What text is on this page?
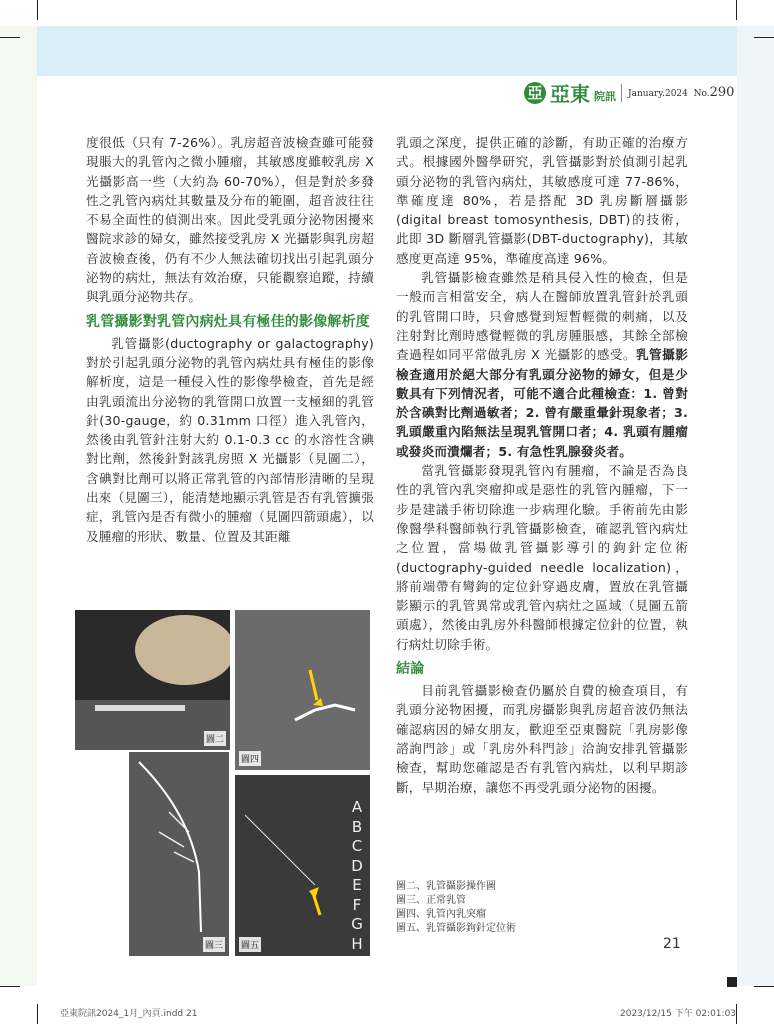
亞 亞東 院訊	January.2024 No.290

度很低（只有 7-26%）。乳房超音波檢查雖可能發現脹大的乳管內之微小腫瘤，其敏感度雖較乳房 X 光攝影高一些（大約為 60-70%），但是對於多發性之乳管內病灶其數量及分布的範圍，超音波往往不易全面性的偵測出來。因此受乳頭分泌物困擾來醫院求診的婦女，雖然接受乳房 X 光攝影與乳房超音波檢查後，仍有不少人無法確切找出引起乳頭分泌物的病灶，無法有效治療，只能觀察追蹤，持續與乳頭分泌物共存。

乳管攝影對乳管內病灶具有極佳的影像解析度

乳管攝影(ductography or galactography)對於引起乳頭分泌物的乳管內病灶具有極佳的影像解析度，這是一種侵入性的影像學檢查，首先是經由乳頭流出分泌物的乳管開口放置一支極細的乳管針(30-gauge，約 0.31mm 口徑）進入乳管內，然後由乳管針注射大約 0.1-0.3 cc 的水溶性含碘對比劑，然後針對該乳房照 X 光攝影（見圖二），含碘對比劑可以將正常乳管的內部情形清晰的呈現出來（見圖三），能清楚地顯示乳管是否有乳管擴張症，乳管內是否有微小的腫瘤（見圖四箭頭處），以及腫瘤的形狀、數量、位置及其距離

乳頭之深度，提供正確的診斷，有助正確的治療方式。根據國外醫學研究，乳管攝影對於偵測引起乳頭分泌物的乳管內病灶，其敏感度可達 77-86%，準確度達 80%，若是搭配 3D 乳房斷層攝影(digital breast tomosynthesis, DBT)的技術，此即 3D 斷層乳管攝影(DBT-ductography)，其敏感度更高達 95%，準確度高達 96%。

乳管攝影檢查雖然是稍具侵入性的檢查，但是一般而言相當安全，病人在醫師放置乳管針於乳頭的乳管開口時，只會感覺到短暫輕微的刺痛，以及注射對比劑時感覺輕微的乳房腫脹感，其餘全部檢查過程如同平常做乳房 X 光攝影的感受。乳管攝影檢查適用於絕大部分有乳頭分泌物的婦女，但是少數具有下列情況者，可能不適合此種檢查：1. 曾對於含碘對比劑過敏者；2. 曾有嚴重暈針現象者；3. 乳頭嚴重內陷無法呈現乳管開口者；4. 乳頭有腫瘤或發炎而潰爛者；5. 有急性乳腺發炎者。

當乳管攝影發現乳管內有腫瘤，不論是否為良性的乳管內乳突瘤抑或是惡性的乳管內腫瘤，下一步是建議手術切除進一步病理化驗。手術前先由影像醫學科醫師執行乳管攝影檢查，確認乳管內病灶之位置，當場做乳管攝影導引的鉤針定位術(ductography-guided needle localization)，將前端帶有彎鉤的定位針穿過皮膚，置放在乳管攝影顯示的乳管異常或乳管內病灶之區域（見圖五箭頭處），然後由乳房外科醫師根據定位針的位置，執行病灶切除手術。

結論

目前乳管攝影檢查仍屬於自費的檢查項目，有乳頭分泌物困擾，而乳房攝影與乳房超音波仍無法確認病因的婦女朋友，歡迎至亞東醫院「乳房影像諮詢門診」或「乳房外科門診」洽詢安排乳管攝影檢查，幫助您確認是否有乳管內病灶，以利早期診斷，早期治療，讓您不再受乳頭分泌物的困擾。

圖二
圖四
圖三 圖五
A
B
C
D
E
F
G
H
圖二、乳管攝影操作圖
圖三、正常乳管
圖四、乳管內乳突瘤
圖五、乳管攝影鉤針定位術
21
亞東院訊2024_1月_內頁.indd 21	2023/12/15 下午 02:01:03
